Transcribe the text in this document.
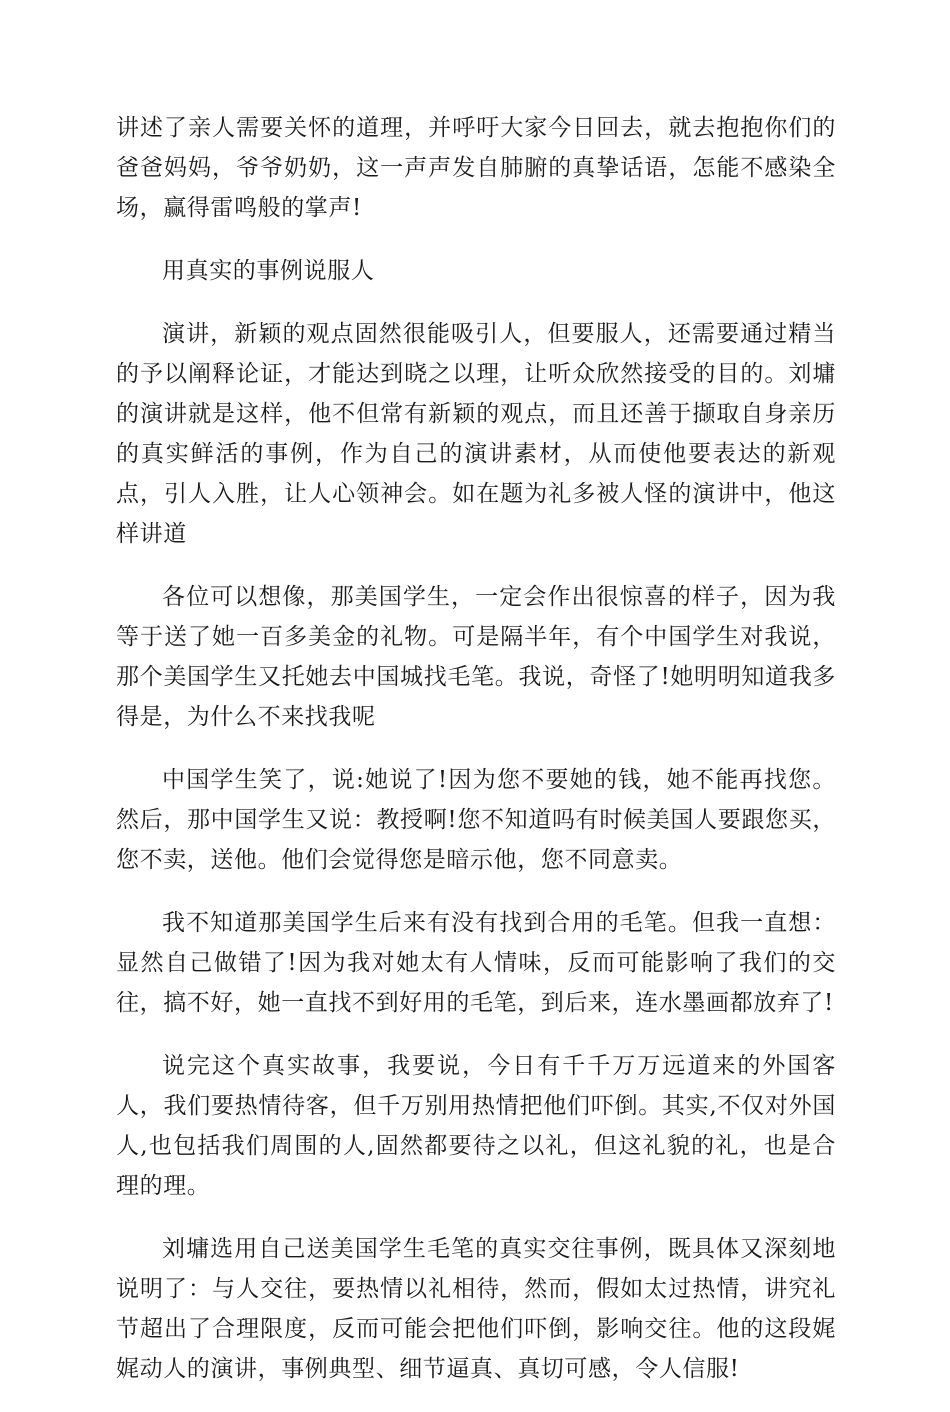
讲述了亲人需要关怀的道理，并呼吁大家今日回去，就去抱抱你们的爸爸妈妈，爷爷奶奶，这一声声发自肺腑的真挚话语，怎能不感染全场，赢得雷鸣般的掌声!

用真实的事例说服人

演讲，新颖的观点固然很能吸引人，但要服人，还需要通过精当的予以阐释论证，才能达到晓之以理，让听众欣然接受的目的。刘墉的演讲就是这样，他不但常有新颖的观点，而且还善于撷取自身亲历的真实鲜活的事例，作为自己的演讲素材，从而使他要表达的新观点，引人入胜，让人心领神会。如在题为礼多被人怪的演讲中，他这样讲道

各位可以想像，那美国学生，一定会作出很惊喜的样子，因为我等于送了她一百多美金的礼物。可是隔半年，有个中国学生对我说，那个美国学生又托她去中国城找毛笔。我说，奇怪了!她明明知道我多得是，为什么不来找我呢

中国学生笑了，说:她说了!因为您不要她的钱，她不能再找您。然后，那中国学生又说：教授啊!您不知道吗有时候美国人要跟您买，您不卖，送他。他们会觉得您是暗示他，您不同意卖。

我不知道那美国学生后来有没有找到合用的毛笔。但我一直想：显然自己做错了!因为我对她太有人情味，反而可能影响了我们的交往，搞不好，她一直找不到好用的毛笔，到后来，连水墨画都放弃了!

说完这个真实故事，我要说，今日有千千万万远道来的外国客人，我们要热情待客，但千万别用热情把他们吓倒。其实,不仅对外国人,也包括我们周围的人,固然都要待之以礼，但这礼貌的礼，也是合理的理。

刘墉选用自己送美国学生毛笔的真实交往事例，既具体又深刻地说明了：与人交往，要热情以礼相待，然而，假如太过热情，讲究礼节超出了合理限度，反而可能会把他们吓倒，影响交往。他的这段娓娓动人的演讲，事例典型、细节逼真、真切可感，令人信服!
